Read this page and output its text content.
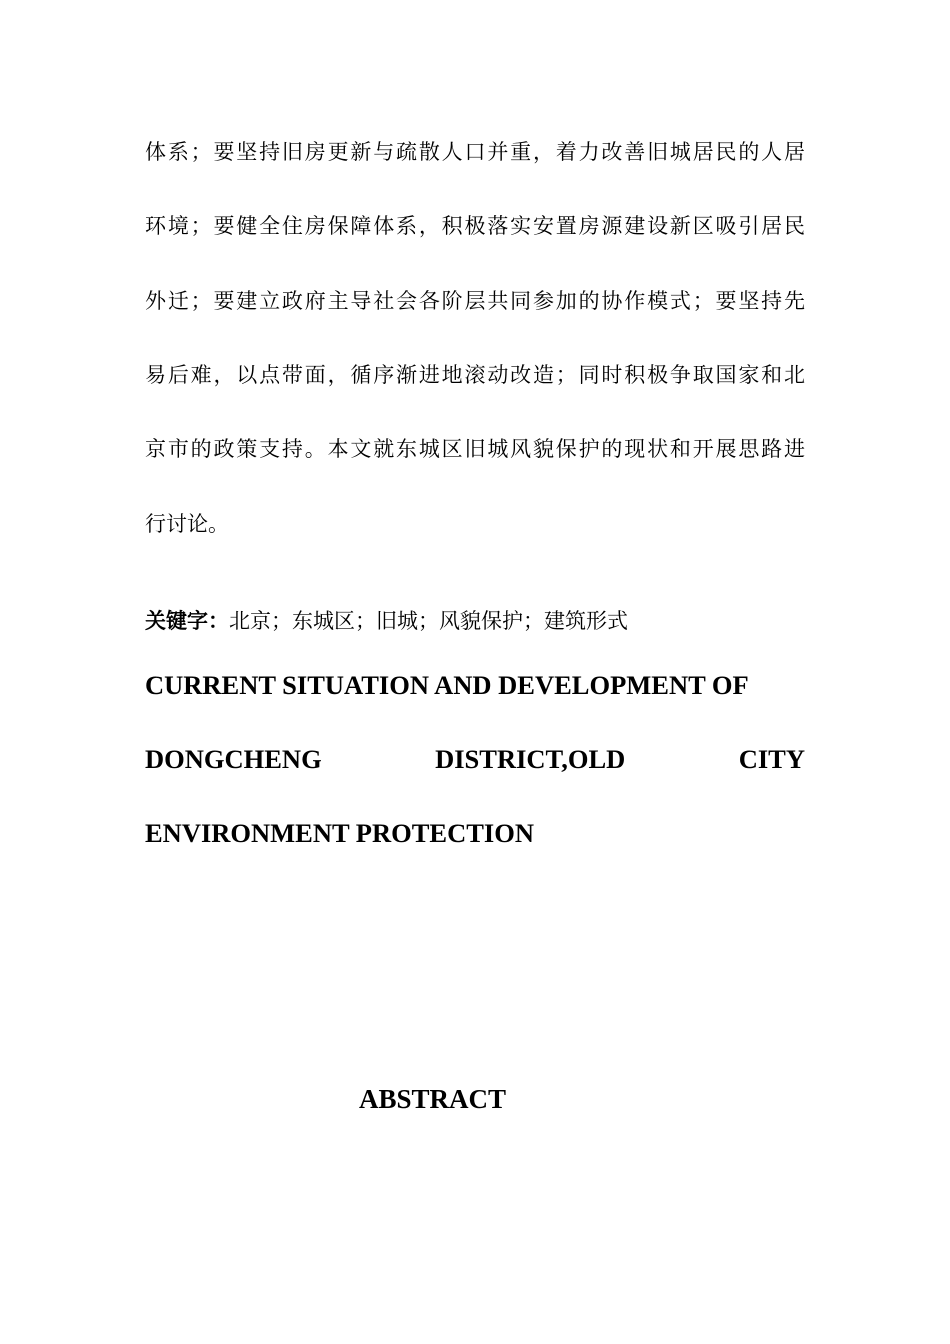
体系；要坚持旧房更新与疏散人口并重，着力改善旧城居民的人居
环境；要健全住房保障体系，积极落实安置房源建设新区吸引居民
外迁；要建立政府主导社会各阶层共同参加的协作模式；要坚持先
易后难，以点带面，循序渐进地滚动改造；同时积极争取国家和北
京市的政策支持。本文就东城区旧城风貌保护的现状和开展思路进
行讨论。
关键字：北京；东城区；旧城；风貌保护；建筑形式
CURRENT SITUATION AND DEVELOPMENT OF
DONGCHENG	DISTRICT,OLD	CITY
ENVIRONMENT PROTECTION
ABSTRACT
